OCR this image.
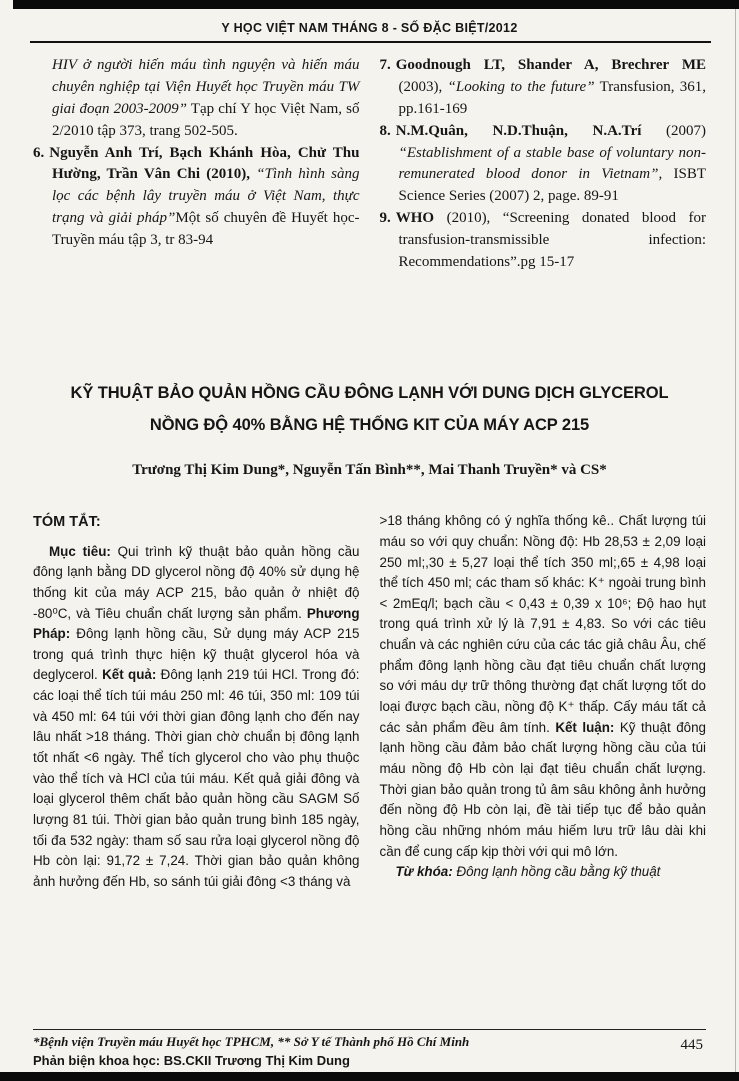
Y HỌC VIỆT NAM THÁNG 8 - SỐ ĐẶC BIỆT/2012

HIV ở người hiến máu tình nguyện và hiến máu chuyên nghiệp tại Viện Huyết học Truyền máu TW giai đoạn 2003-2009” Tạp chí Y học Việt Nam, số 2/2010 tập 373, trang 502-505.

6. Nguyễn Anh Trí, Bạch Khánh Hòa, Chử Thu Hường, Trần Vân Chi (2010), “Tình hình sàng lọc các bệnh lây truyền máu ở Việt Nam, thực trạng và giải pháp”Một số chuyên đề Huyết học-Truyền máu tập 3, tr 83-94

7. Goodnough LT, Shander A, Brechrer ME (2003), “Looking to the future” Transfusion, 361, pp.161-169

8. N.M.Quân, N.D.Thuận, N.A.Trí (2007) “Establishment of a stable base of voluntary non-remunerated blood donor in Vietnam”, ISBT Science Series (2007) 2, page. 89-91

9. WHO (2010), “Screening donated blood for transfusion-transmissible infection: Recommendations”.pg 15-17

KỸ THUẬT BẢO QUẢN HỒNG CẦU ĐÔNG LẠNH VỚI DUNG DỊCH GLYCEROL
NỒNG ĐỘ 40% BẰNG HỆ THỐNG KIT CỦA MÁY ACP 215
Trương Thị Kim Dung*, Nguyễn Tấn Bình**, Mai Thanh Truyền* và CS*
TÓM TẮT:

Mục tiêu: Qui trình kỹ thuật bảo quản hồng cầu đông lạnh bằng DD glycerol nồng độ 40% sử dụng hệ thống kit của máy ACP 215, bảo quản ở nhiệt độ -80⁰C, và Tiêu chuẩn chất lượng sản phẩm. Phương Pháp: Đông lạnh hồng cầu, Sử dụng máy ACP 215 trong quá trình thực hiện kỹ thuật glycerol hóa và deglycerol. Kết quả: Đông lạnh 219 túi HCl. Trong đó: các loại thể tích túi máu 250 ml: 46 túi, 350 ml: 109 túi và 450 ml: 64 túi với thời gian đông lạnh cho đến nay lâu nhất >18 tháng. Thời gian chờ chuẩn bị đông lạnh tốt nhất <6 ngày. Thể tích glycerol cho vào phụ thuộc vào thể tích và HCl của túi máu. Kết quả giải đông và loại glycerol thêm chất bảo quản hồng cầu SAGM Số lượng 81 túi. Thời gian bảo quản trung bình 185 ngày, tối đa 532 ngày: tham số sau rửa loại glycerol nồng độ Hb còn lại: 91,72 ± 7,24. Thời gian bảo quản không ảnh hưởng đến Hb, so sánh túi giải đông <3 tháng và

>18 tháng không có ý nghĩa thống kê.. Chất lượng túi máu so với quy chuẩn: Nồng độ: Hb 28,53 ± 2,09 loại 250 ml;,30 ± 5,27 loại thể tích 350 ml;,65 ± 4,98 loại thể tích 450 ml; các tham số khác: K⁺ ngoài trung bình < 2mEq/l; bạch cầu < 0,43 ± 0,39 x 10⁶; Độ hao hụt trong quá trình xử lý là 7,91 ± 4,83. So với các tiêu chuẩn và các nghiên cứu của các tác giả châu Âu, chế phẩm đông lạnh hồng cầu đạt tiêu chuẩn chất lượng so với máu dự trữ thông thường đạt chất lượng tốt do loại được bạch cầu, nồng độ K⁺ thấp. Cấy máu tất cả các sản phẩm đều âm tính. Kết luận: Kỹ thuật đông lạnh hồng cầu đảm bảo chất lượng hồng cầu của túi máu nồng độ Hb còn lại đạt tiêu chuẩn chất lượng. Thời gian bảo quản trong tủ âm sâu không ảnh hưởng đến nồng độ Hb còn lại, đề tài tiếp tục để bảo quản hồng cầu những nhóm máu hiếm lưu trữ lâu dài khi cần để cung cấp kịp thời với qui mô lớn.

Từ khóa: Đông lạnh hồng cầu bằng kỹ thuật

*Bệnh viện Truyền máu Huyết học TPHCM, ** Sở Y tế Thành phố Hồ Chí Minh
Phản biện khoa học: BS.CKII Trương Thị Kim Dung
445
